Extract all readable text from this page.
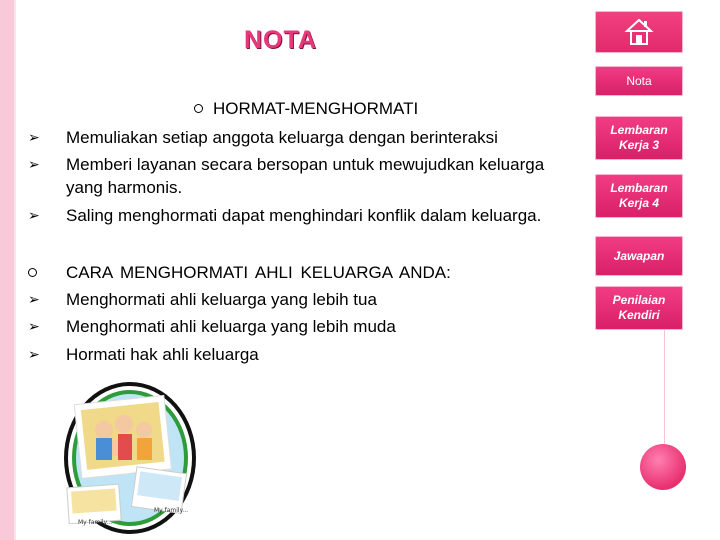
NOTA
Nota
Lembaran
Kerja 3
Lembaran
Kerja 4
Jawapan
Penilaian
Kendiri
HORMAT-MENGHORMATI
➢ Memuliakan setiap anggota keluarga dengan berinteraksi
➢ Memberi layanan secara bersopan untuk mewujudkan keluarga
yang harmonis.
➢ Saling menghormati dapat menghindari konflik dalam keluarga.
CARA MENGHORMATI AHLI KELUARGA ANDA:
➢ Menghormati ahli keluarga yang lebih tua
➢ Menghormati ahli keluarga yang lebih muda
➢ Hormati hak ahli keluarga
My family...
My family...
